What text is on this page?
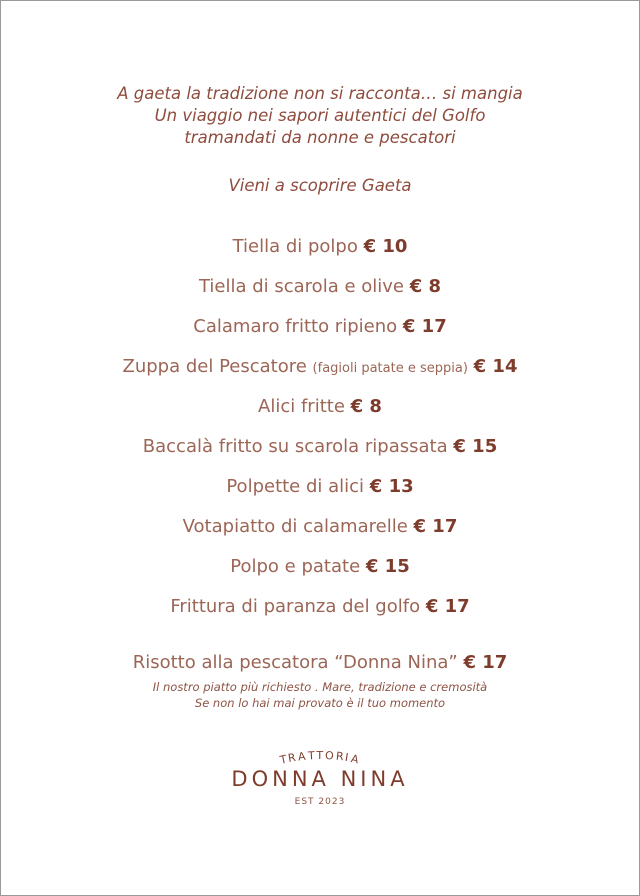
A gaeta la tradizione non si racconta… si mangia
Un viaggio nei sapori autentici del Golfo
tramandati da nonne e pescatori
Vieni a scoprire Gaeta
Tiella di polpo € 10
Tiella di scarola e olive € 8
Calamaro fritto ripieno € 17
Zuppa del Pescatore (fagioli patate e seppia) € 14
Alici fritte € 8
Baccalà fritto su scarola ripassata € 15
Polpette di alici € 13
Votapiatto di calamarelle € 17
Polpo e patate € 15
Frittura di paranza del golfo € 17
Risotto alla pescatora “Donna Nina” € 17
Il nostro piatto più richiesto . Mare, tradizione e cremosità
Se non lo hai mai provato è il tuo momento
TRATTORIA
DONNA NINA
EST 2023
